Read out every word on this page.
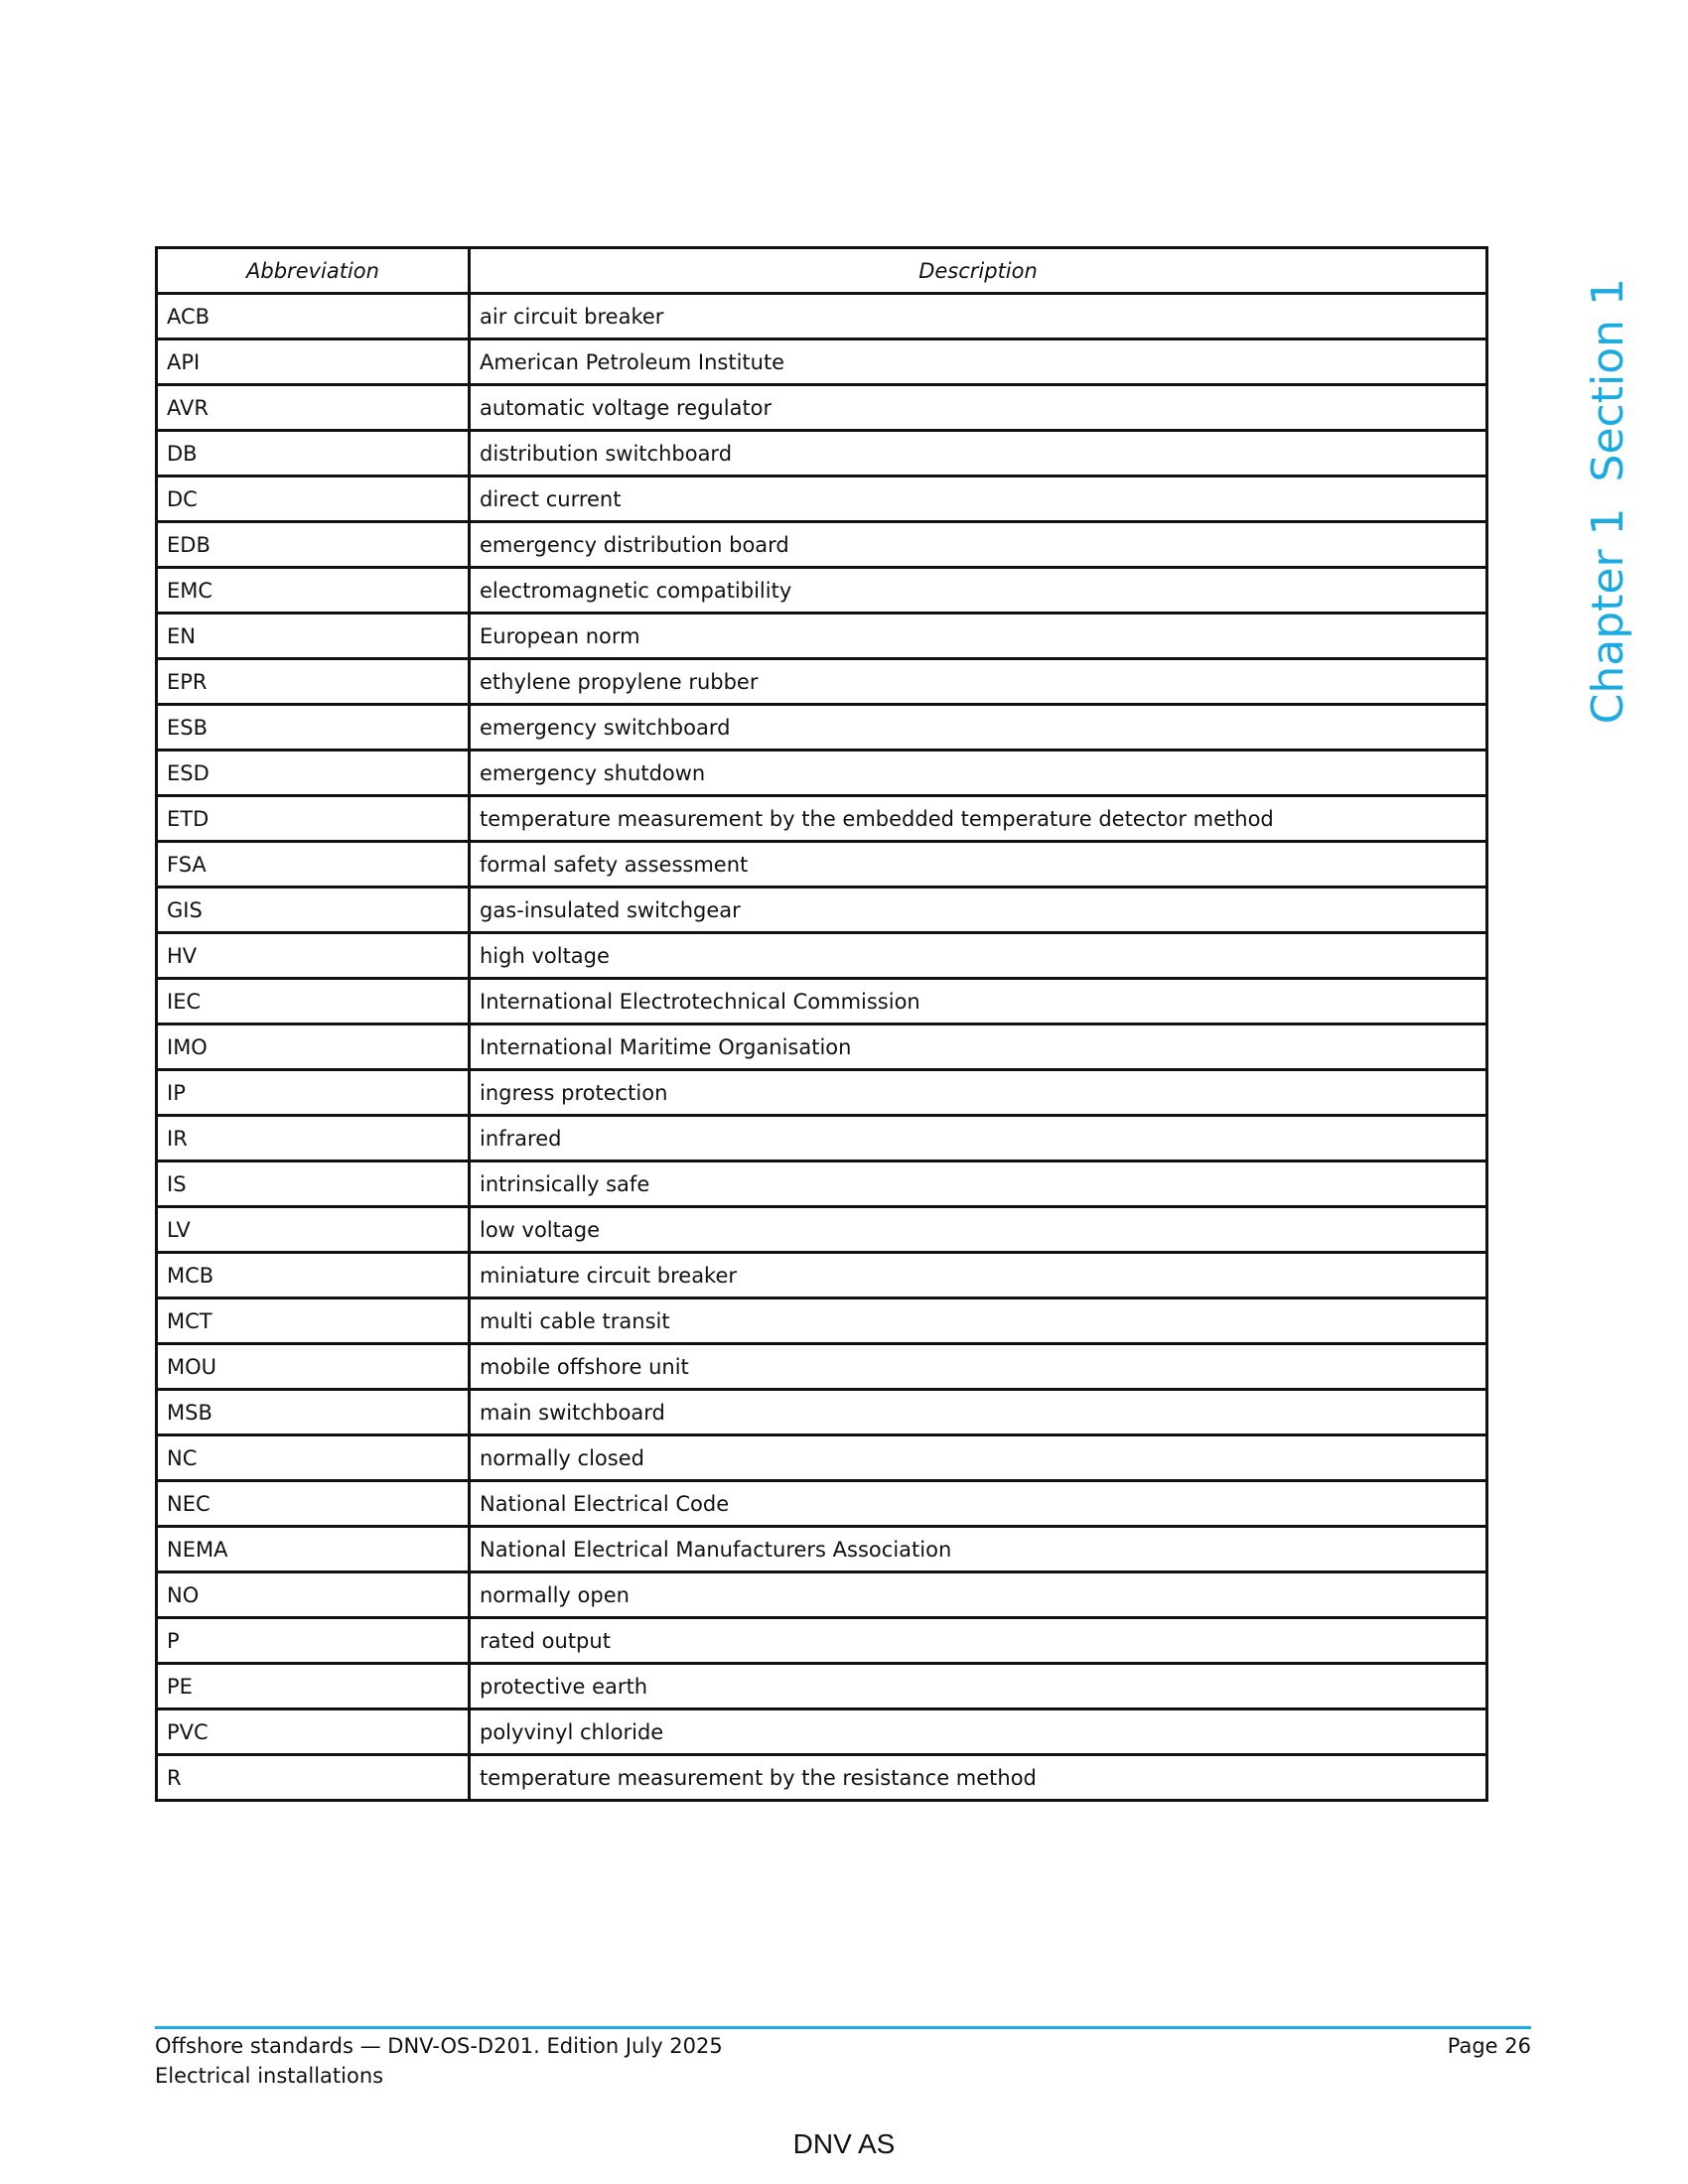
Abbreviation	Description
ACB	air circuit breaker
API	American Petroleum Institute
AVR	automatic voltage regulator
DB	distribution switchboard
DC	direct current
EDB	emergency distribution board
EMC	electromagnetic compatibility
EN	European norm
EPR	ethylene propylene rubber
ESB	emergency switchboard
ESD	emergency shutdown
ETD	temperature measurement by the embedded temperature detector method
FSA	formal safety assessment
GIS	gas-insulated switchgear
HV	high voltage
IEC	International Electrotechnical Commission
IMO	International Maritime Organisation
IP	ingress protection
IR	infrared
IS	intrinsically safe
LV	low voltage
MCB	miniature circuit breaker
MCT	multi cable transit
MOU	mobile offshore unit
MSB	main switchboard
NC	normally closed
NEC	National Electrical Code
NEMA	National Electrical Manufacturers Association
NO	normally open
P	rated output
PE	protective earth
PVC	polyvinyl chloride
R	temperature measurement by the resistance method
Chapter 1Section 1
Offshore standards — DNV-OS-D201. Edition July 2025
Electrical installations
Page 26
DNV AS
